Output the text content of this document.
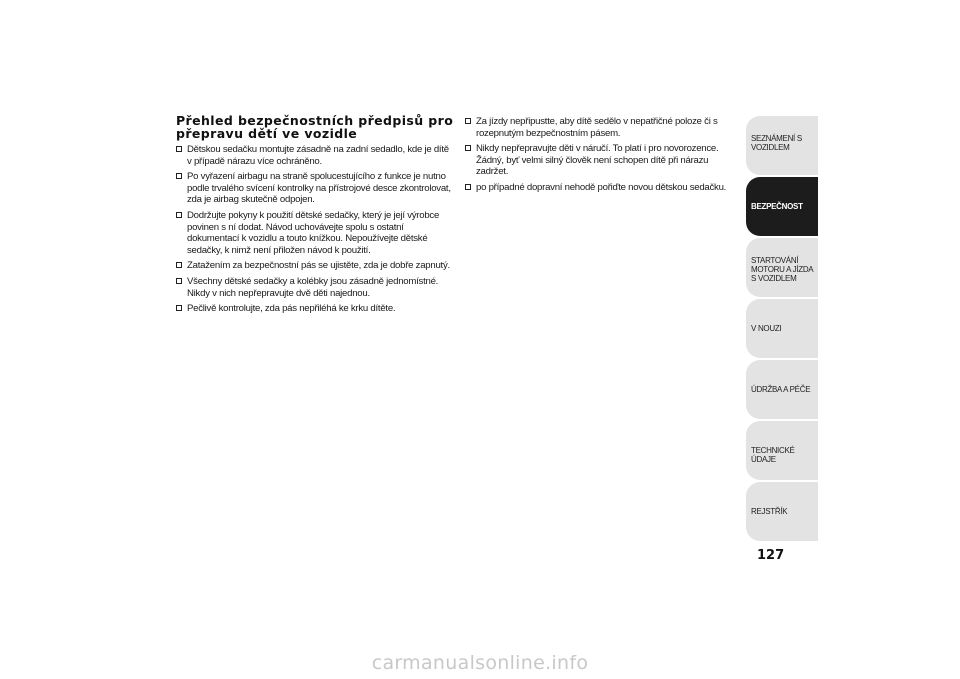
Přehled bezpečnostních předpisů pro
přepravu dětí ve vozidle
Dětskou sedačku montujte zásadně na zadní sedadlo, kde je dítě v případě nárazu více ochráněno.
Po vyřazení airbagu na straně spolucestujícího z funkce je nutno podle trvalého svícení kontrolky na přístrojové desce zkontrolovat, zda je airbag skutečně odpojen.
Dodržujte pokyny k použití dětské sedačky, který je její výrobce povinen s ní dodat. Návod uchovávejte spolu s ostatní dokumentací k vozidlu a touto knížkou. Nepoužívejte dětské sedačky, k nimž není přiložen návod k použití.
Zatažením za bezpečnostní pás se ujistěte, zda je dobře zapnutý.
Všechny dětské sedačky a kolébky jsou zásadně jednomístné. Nikdy v nich nepřepravujte dvě děti najednou.
Pečlivě kontrolujte, zda pás nepřiléhá ke krku dítěte.
Za jízdy nepřipustte, aby dítě sedělo v nepatřičné poloze či s rozepnutým bezpečnostním pásem.
Nikdy nepřepravujte děti v náručí. To platí i pro novorozence. Žádný, byť velmi silný člověk není schopen dítě při nárazu zadržet.
po případné dopravní nehodě pořiďte novou dětskou sedačku.
SEZNÁMENÍ S VOZIDLEM
BEZPEČNOST
STARTOVÁNÍ MOTORU A JÍZDA S VOZIDLEM
V NOUZI
ÚDRŽBA A PÉČE
TECHNICKÉ ÚDAJE
REJSTŘÍK
127
carmanualsonline.info
